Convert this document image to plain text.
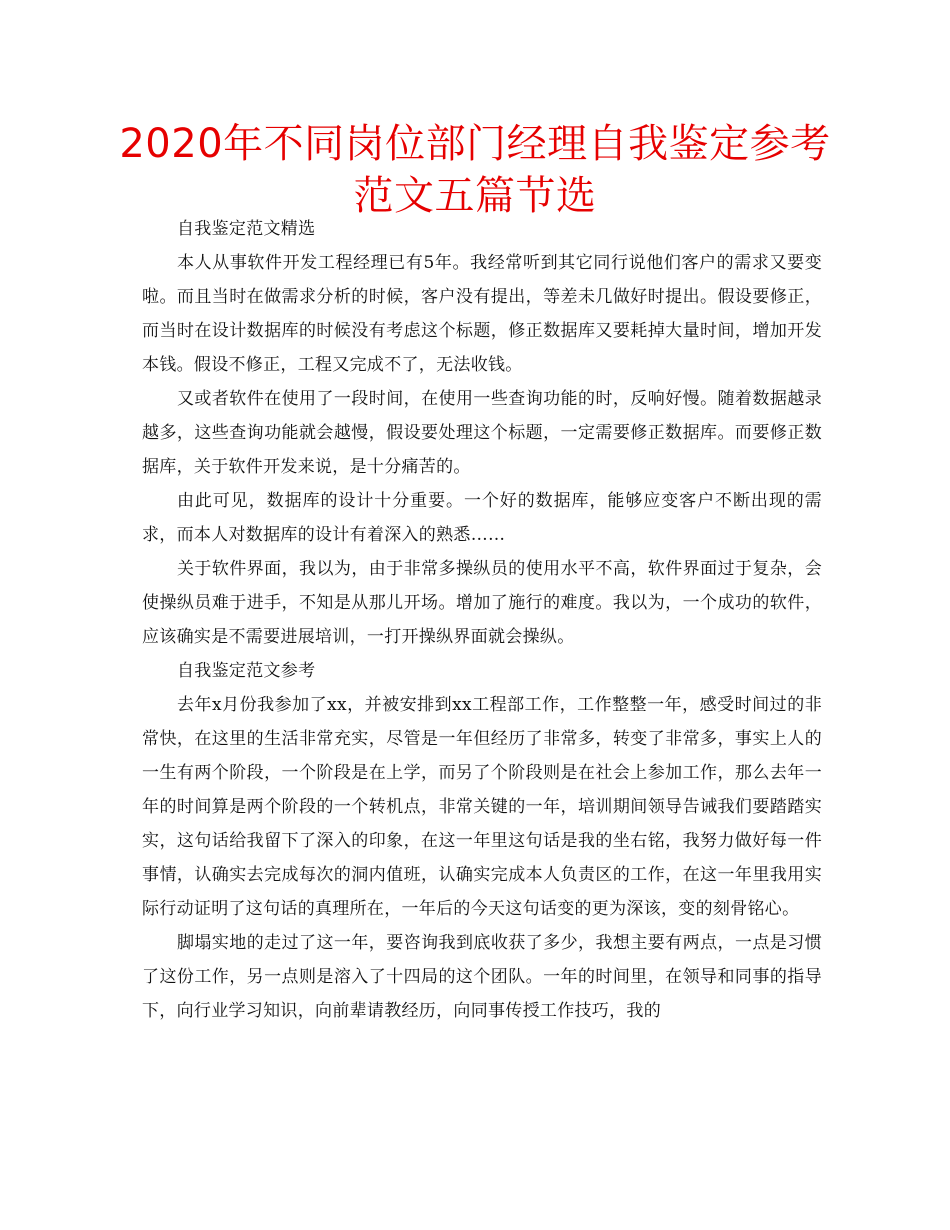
2020年不同岗位部门经理自我鉴定参考范文五篇节选

自我鉴定范文精选

本人从事软件开发工程经理已有5年。我经常听到其它同行说他们客户的需求又要变啦。而且当时在做需求分析的时候，客户没有提出，等差未几做好时提出。假设要修正，而当时在设计数据库的时候没有考虑这个标题，修正数据库又要耗掉大量时间，增加开发本钱。假设不修正，工程又完成不了，无法收钱。

又或者软件在使用了一段时间，在使用一些查询功能的时，反响好慢。随着数据越录越多，这些查询功能就会越慢，假设要处理这个标题，一定需要修正数据库。而要修正数据库，关于软件开发来说，是十分痛苦的。

由此可见，数据库的设计十分重要。一个好的数据库，能够应变客户不断出现的需求，而本人对数据库的设计有着深入的熟悉……

关于软件界面，我以为，由于非常多操纵员的使用水平不高，软件界面过于复杂，会使操纵员难于进手，不知是从那儿开场。增加了施行的难度。我以为，一个成功的软件，应该确实是不需要进展培训，一打开操纵界面就会操纵。

自我鉴定范文参考

去年x月份我参加了xx，并被安排到xx工程部工作，工作整整一年，感受时间过的非常快，在这里的生活非常充实，尽管是一年但经历了非常多，转变了非常多，事实上人的一生有两个阶段，一个阶段是在上学，而另了个阶段则是在社会上参加工作，那么去年一年的时间算是两个阶段的一个转机点，非常关键的一年，培训期间领导告诫我们要踏踏实实，这句话给我留下了深入的印象，在这一年里这句话是我的坐右铭，我努力做好每一件事情，认确实去完成每次的洞内值班，认确实完成本人负责区的工作，在这一年里我用实际行动证明了这句话的真理所在，一年后的今天这句话变的更为深该，变的刻骨铭心。

脚塌实地的走过了这一年，要咨询我到底收获了多少，我想主要有两点，一点是习惯了这份工作，另一点则是溶入了十四局的这个团队。一年的时间里，在领导和同事的指导下，向行业学习知识，向前辈请教经历，向同事传授工作技巧，我的
